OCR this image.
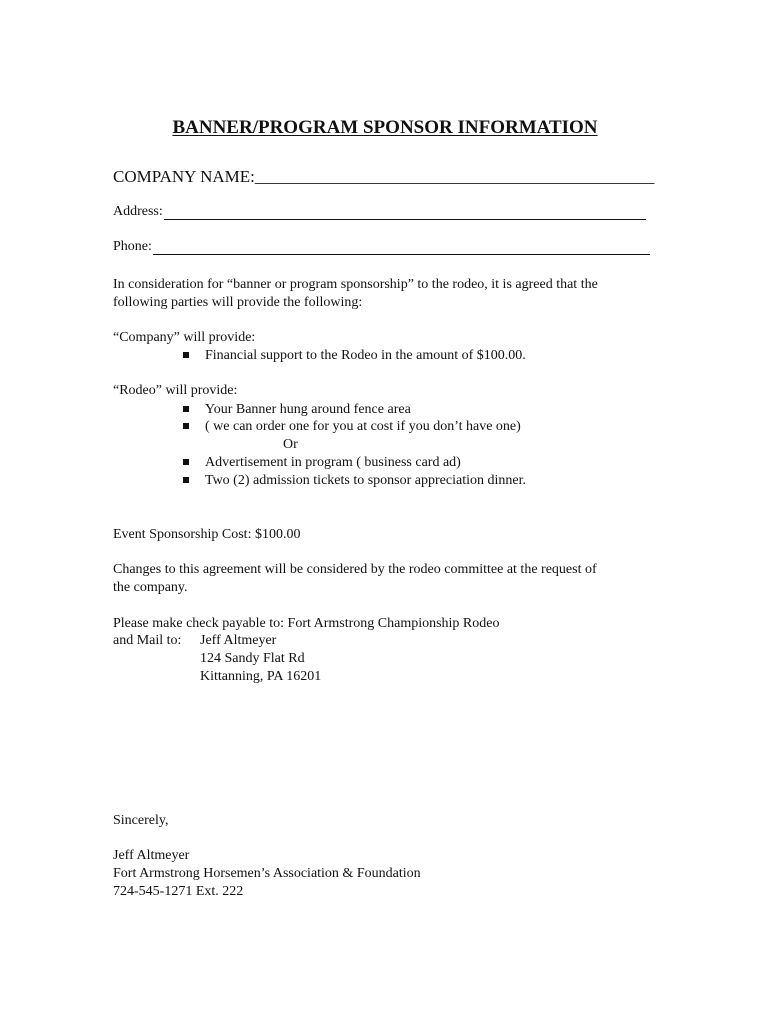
BANNER/PROGRAM SPONSOR INFORMATION
COMPANY NAME:_______________________________________________
Address:
Phone:
In consideration for “banner or program sponsorship” to the rodeo, it is agreed that the
following parties will provide the following:
“Company” will provide:
Financial support to the Rodeo in the amount of $100.00.
“Rodeo” will provide:
Your Banner hung around fence area
( we can order one for you at cost if you don’t have one)
Or
Advertisement in program ( business card ad)
Two (2) admission tickets to sponsor appreciation dinner.
Event Sponsorship Cost: $100.00
Changes to this agreement will be considered by the rodeo committee at the request of
the company.
Please make check payable to: Fort Armstrong Championship Rodeo
and Mail to: Jeff Altmeyer
124 Sandy Flat Rd
Kittanning, PA 16201
Sincerely,
Jeff Altmeyer
Fort Armstrong Horsemen’s Association & Foundation
724-545-1271 Ext. 222
